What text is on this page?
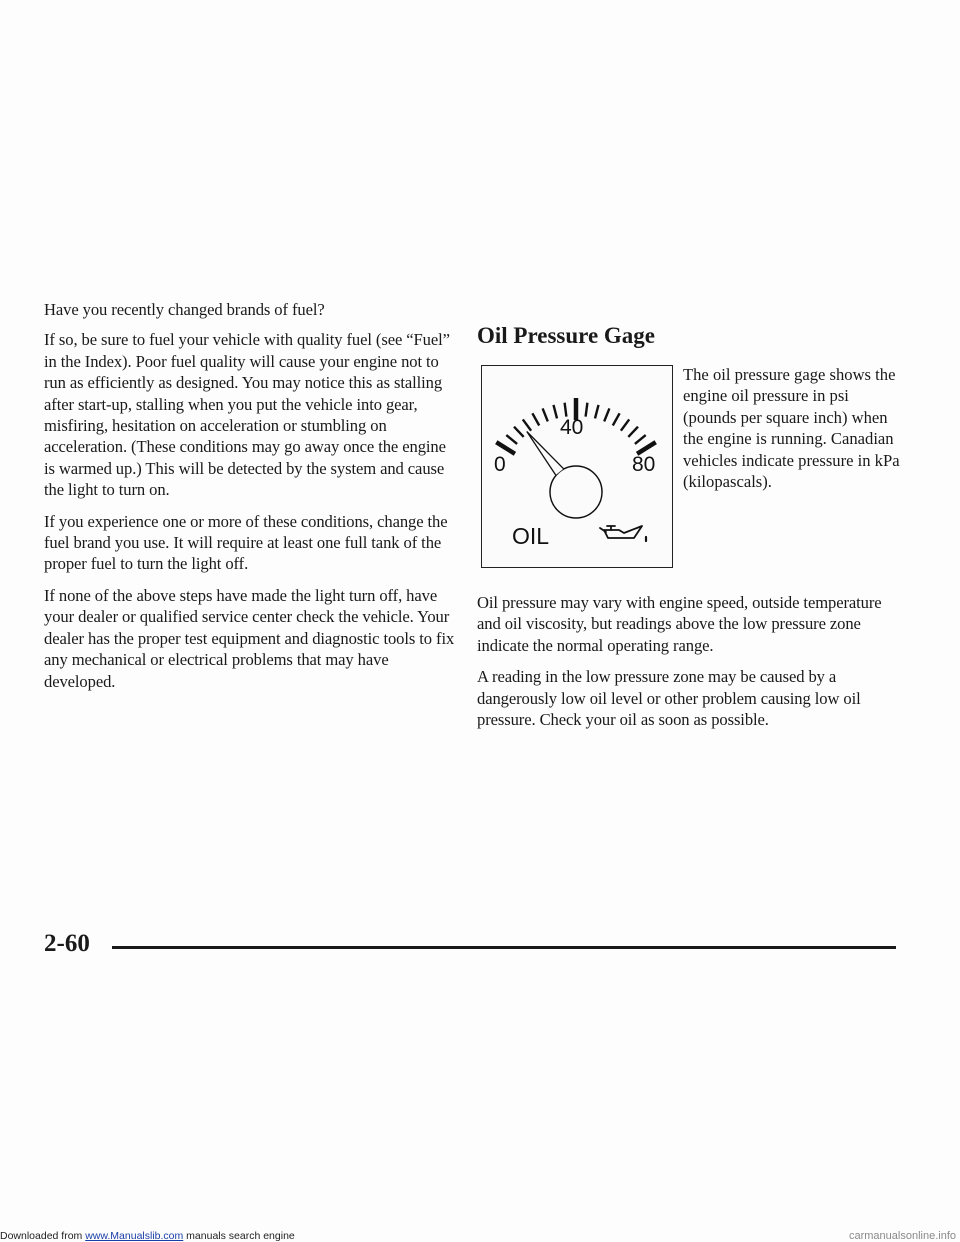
Have you recently changed brands of fuel?

If so, be sure to fuel your vehicle with quality fuel (see “Fuel” in the Index). Poor fuel quality will cause your engine not to run as efficiently as designed. You may notice this as stalling after start-up, stalling when you put the vehicle into gear, misfiring, hesitation on acceleration or stumbling on acceleration. (These conditions may go away once the engine is warmed up.) This will be detected by the system and cause the light to turn on.

If you experience one or more of these conditions, change the fuel brand you use. It will require at least one full tank of the proper fuel to turn the light off.

If none of the above steps have made the light turn off, have your dealer or qualified service center check the vehicle. Your dealer has the proper test equipment and diagnostic tools to fix any mechanical or electrical problems that may have developed.

Oil Pressure Gage
0
40
80
OIL

The oil pressure gage shows the engine oil pressure in psi (pounds per square inch) when the engine is running. Canadian vehicles indicate pressure in kPa (kilopascals).

Oil pressure may vary with engine speed, outside temperature and oil viscosity, but readings above the low pressure zone indicate the normal operating range.

A reading in the low pressure zone may be caused by a dangerously low oil level or other problem causing low oil pressure. Check your oil as soon as possible.

2-60
Downloaded from www.Manualslib.com manuals search engine	carmanualsonline.info
